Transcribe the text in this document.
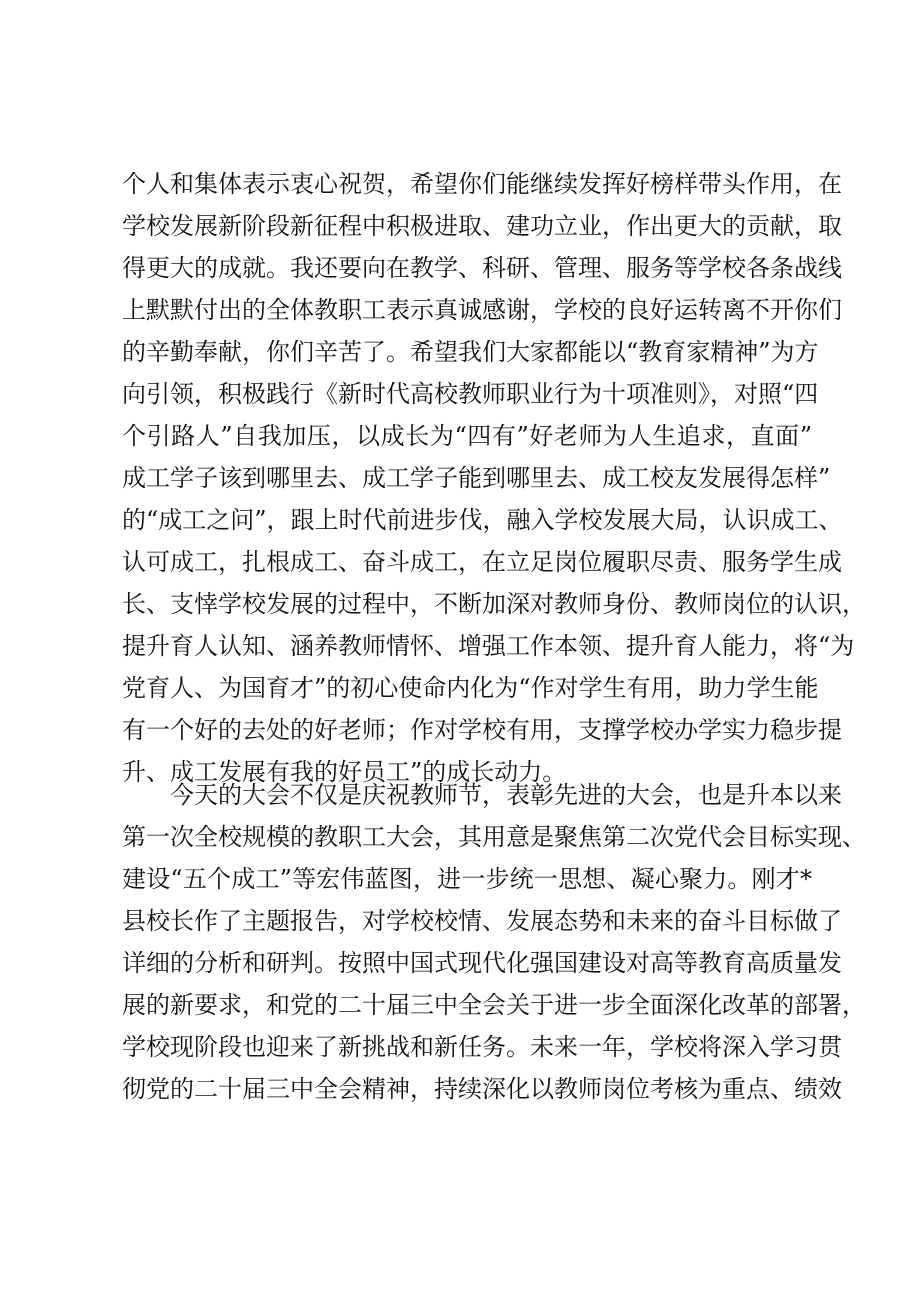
个人和集体表示衷心祝贺，希望你们能继续发挥好榜样带头作用，在
学校发展新阶段新征程中积极进取、建功立业，作出更大的贡献，取
得更大的成就。我还要向在教学、科研、管理、服务等学校各条战线
上默默付出的全体教职工表示真诚感谢，学校的良好运转离不开你们
的辛勤奉献，你们辛苦了。希望我们大家都能以“教育家精神”为方
向引领，积极践行《新时代高校教师职业行为十项准则》，对照“四
个引路人”自我加压，以成长为“四有”好老师为人生追求，直面”
成工学子该到哪里去、成工学子能到哪里去、成工校友发展得怎样”
的“成工之问”，跟上时代前进步伐，融入学校发展大局，认识成工、
认可成工，扎根成工、奋斗成工，在立足岗位履职尽责、服务学生成
长、支悻学校发展的过程中，不断加深对教师身份、教师岗位的认识，
提升育人认知、涵养教师情怀、增强工作本领、提升育人能力，将“为
党育人、为国育才”的初心使命内化为“作对学生有用，助力学生能
有一个好的去处的好老师；作对学校有用，支撑学校办学实力稳步提
升、成工发展有我的好员工”的成长动力。
今天的大会不仅是庆祝教师节，表彰先进的大会，也是升本以来
第一次全校规模的教职工大会，其用意是聚焦第二次党代会目标实现、
建设“五个成工”等宏伟蓝图，进一步统一思想、凝心聚力。刚才*
县校长作了主题报告，对学校校情、发展态势和未来的奋斗目标做了
详细的分析和研判。按照中国式现代化强国建设对高等教育高质量发
展的新要求，和党的二十届三中全会关于进一步全面深化改革的部署，
学校现阶段也迎来了新挑战和新任务。未来一年，学校将深入学习贯
彻党的二十届三中全会精神，持续深化以教师岗位考核为重点、绩效
